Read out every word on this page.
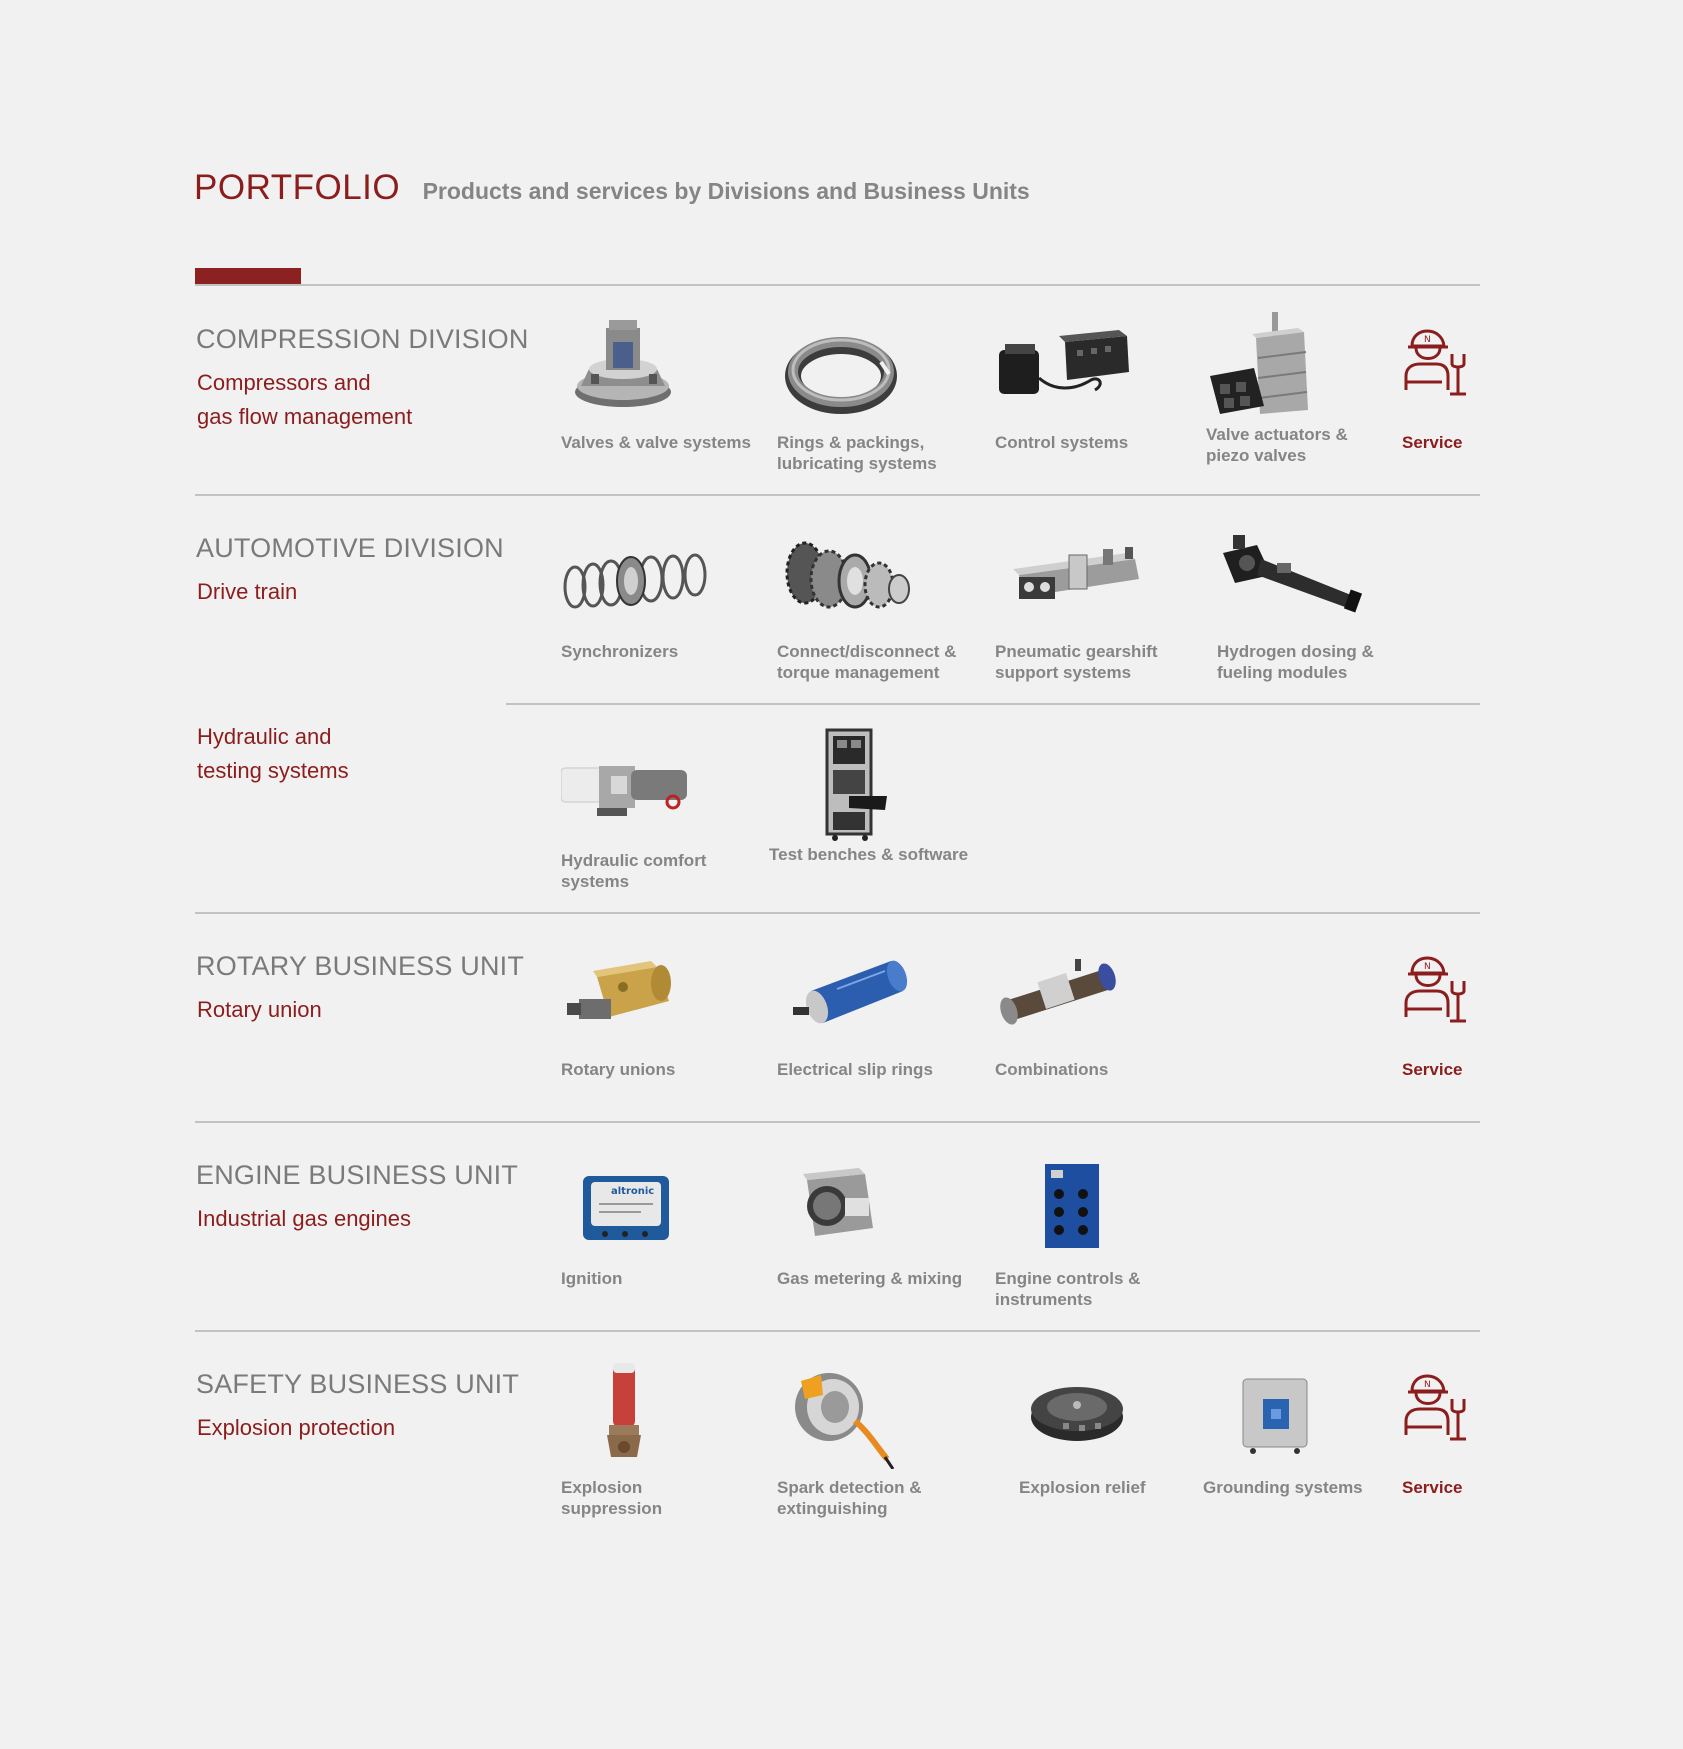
PORTFOLIO Products and services by Divisions and Business Units
COMPRESSION DIVISION
Compressors and
gas flow management
Valves & valve systems	Rings & packings,
lubricating systems
Control systems	Valve actuators &
piezo valves
N
Service
AUTOMOTIVE DIVISION
Drive train
Synchronizers	Connect/disconnect &
torque management
Pneumatic gearshift
support systems
Hydrogen dosing &
fueling modules
Hydraulic and
testing systems
Hydraulic comfort
systems
Test benches & software
ROTARY BUSINESS UNIT
Rotary union
Rotary unions	Electrical slip rings	Combinations
N
Service
ENGINE BUSINESS UNIT
Industrial gas engines
altronic
Ignition	Gas metering & mixing	Engine controls &
instruments
SAFETY BUSINESS UNIT
Explosion protection
Explosion
suppression
Spark detection &
extinguishing
Explosion relief	Grounding systems
N
Service
